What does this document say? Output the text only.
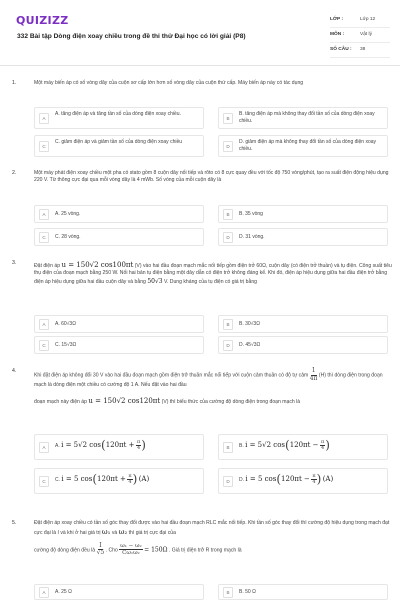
QUIZIZZ
332 Bài tập Dòng điện xoay chiều trong đề thi thử Đại học có lời giải (P8)
LỚP :	Lớp 12
MÔN :	Vật lý
SỐ CÂU :	38
1.	Một máy biến áp có số vòng dây của cuộn sơ cấp lớn hơn số vòng dây của cuộn thứ cấp. Máy biến áp này có tác dụng
A
A. tăng điện áp và tăng tần số của dòng điện xoay chiều.
B
B. tăng điện áp mà không thay đổi tần số của dòng điện xoay chiều.
C
C. giảm điện áp và giảm tần số của dòng điện xoay chiều
D
D. giảm điện áp mà không thay đổi tần số của dòng điện xoay chiều.
2.	Một máy phát điện xoay chiều một pha có stato gồm 8 cuộn dây nối tiếp và rôto có 8 cực quay đều với tốc độ 750 vòng/phút, tạo ra suất điện động hiệu dụng 220 V. Từ thông cực đại qua mỗi vòng dây là 4 mWb. Số vòng của mỗi cuộn dây là
A	A. 25 vòng.	B	B. 35 vòng
C	C. 28 vòng.	D	D. 31 vòng.
3.	Đặt điện áp u = 150√2 cos100πt (V) vào hai đầu đoạn mạch mắc nối tiếp gồm điện trở 60Ω, cuộn dây (có điện trở thuần) và tụ điện. Công suất tiêu thụ điện của đoạn mạch bằng 250 W. Nối hai bản tụ điện bằng một dây dẫn có điện trở không đáng kể. Khi đó, điện áp hiệu dụng giữa hai đầu điện trở bằng điện áp hiệu dụng giữa hai đầu cuộn dây và bằng 50√3 V. Dung kháng của tụ điện có giá trị bằng
A	A. 60√3Ω	B	B. 30√3Ω
C	C. 15√3Ω	D	D. 45√3Ω
4.
Khi đặt điện áp không đổi 30 V vào hai đầu đoạn mạch gồm điện trở thuần mắc nối tiếp với cuộn cảm thuần có độ tự cảm $\frac{1}{4\pi} (H)$ thì dòng điện trong đoạn mạch là dòng điện một chiều có cường độ 1 A. Nếu đặt vào hai đầu
đoạn mạch này điện áp u = 150√2 cos120πt (V) thì biểu thức của cường độ dòng điện trong đoạn mạch là
A	A. i = 5√2 $\cos(120\pi t + \frac{\pi}{4}$ )	B	B. i = 5√2 $\cos(120\pi t - \frac{\pi}{4}$ )
C	C. i = 5 $\cos(120\pi t + \frac{\pi}{4}$ ) (A)	D	D. i = 5 $\cos(120\pi t - \frac{\pi}{4}$ ) (A)
5.	Đặt điện áp xoay chiều có tần số góc thay đổi được vào hai đầu đoạn mạch RLC mắc nối tiếp. Khi tần số góc thay đổi thì cường độ hiệu dụng trong mạch đạt cực đại là I và khi ở hai giá trị ω₁ và ω₂ thì giá trị cực đại của
cường độ dòng điện đều là $\frac{I}{√5}$ . Cho $\frac{\text{ω₁ − ω₂}}{\text{Cω₁ω₂}} = 150\Omega$ . Giá trị điện trở R trong mạch là
A	A. 25 Ω	B	B. 50 Ω
